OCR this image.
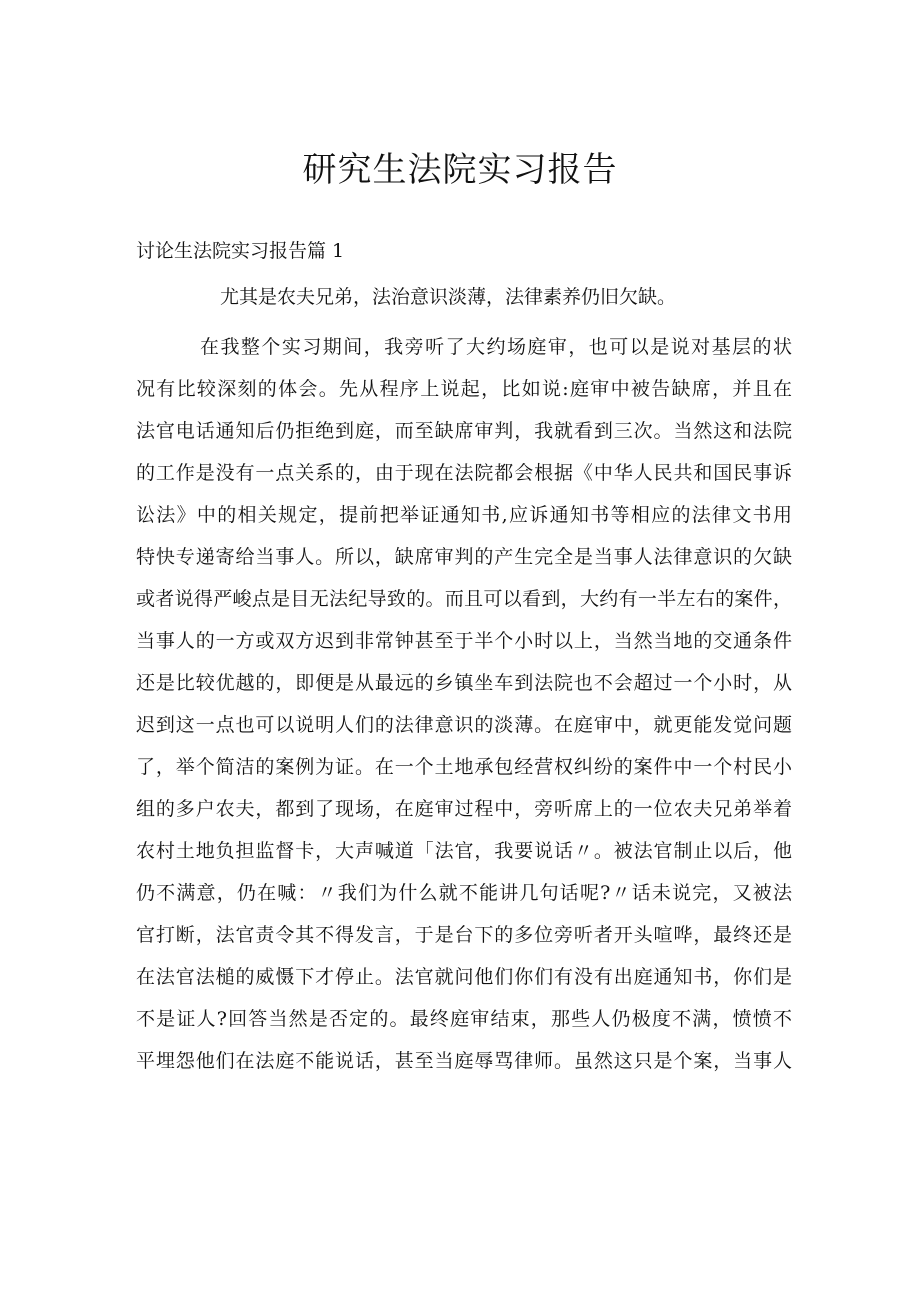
研究生法院实习报告
讨论生法院实习报告篇 1
尤其是农夫兄弟，法治意识淡薄，法律素养仍旧欠缺。
在我整个实习期间，我旁听了大约场庭审，也可以是说对基层的状
况有比较深刻的体会。先从程序上说起，比如说:庭审中被告缺席，并且在
法官电话通知后仍拒绝到庭，而至缺席审判，我就看到三次。当然这和法院
的工作是没有一点关系的，由于现在法院都会根据《中华人民共和国民事诉
讼法》中的相关规定，提前把举证通知书,应诉通知书等相应的法律文书用
特快专递寄给当事人。所以，缺席审判的产生完全是当事人法律意识的欠缺
或者说得严峻点是目无法纪导致的。而且可以看到，大约有一半左右的案件，
当事人的一方或双方迟到非常钟甚至于半个小时以上，当然当地的交通条件
还是比较优越的，即便是从最远的乡镇坐车到法院也不会超过一个小时，从
迟到这一点也可以说明人们的法律意识的淡薄。在庭审中，就更能发觉问题
了，举个简洁的案例为证。在一个土地承包经营权纠纷的案件中一个村民小
组的多户农夫，都到了现场，在庭审过程中，旁听席上的一位农夫兄弟举着
农村土地负担监督卡，大声喊道「法官，我要说话〃。被法官制止以后，他
仍不满意，仍在喊：〃我们为什么就不能讲几句话呢?〃话未说完，又被法
官打断，法官责令其不得发言，于是台下的多位旁听者开头喧哗，最终还是
在法官法槌的威慑下才停止。法官就问他们你们有没有出庭通知书，你们是
不是证人?回答当然是否定的。最终庭审结束，那些人仍极度不满，愤愤不
平埋怨他们在法庭不能说话，甚至当庭辱骂律师。虽然这只是个案，当事人
